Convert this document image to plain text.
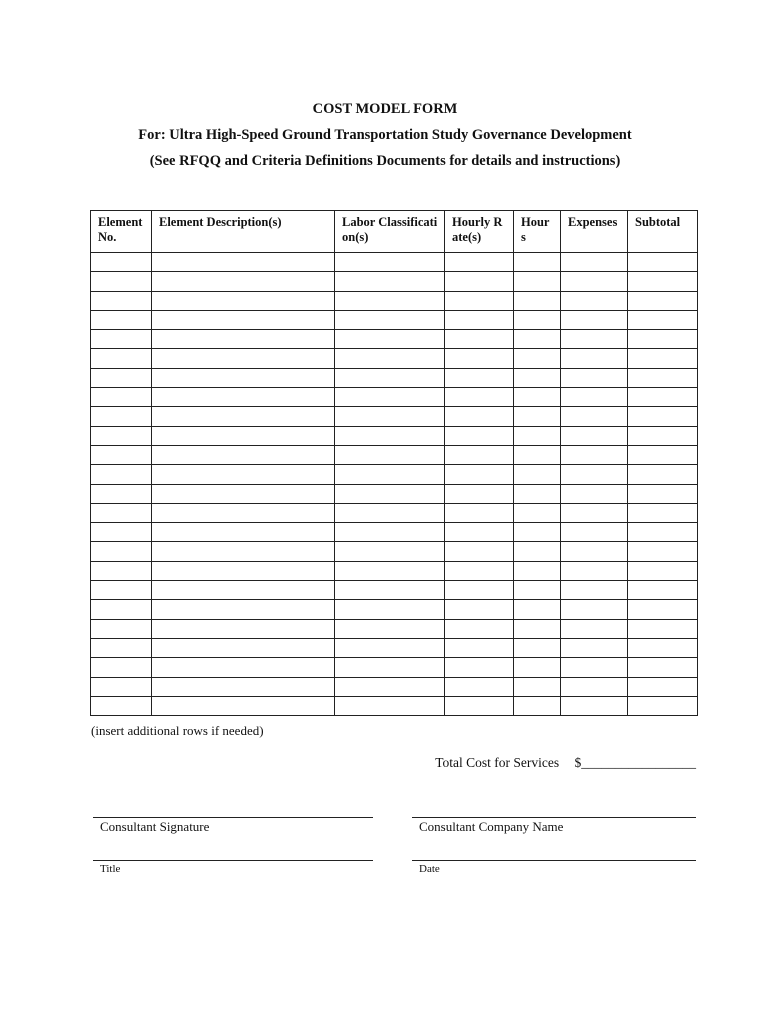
COST MODEL FORM
For: Ultra High-Speed Ground Transportation Study Governance Development
(See RFQQ and Criteria Definitions Documents for details and instructions)
Element No.	Element Description(s)	Labor Classification(s)	Hourly Rate(s)	Hours	Expenses	Subtotal

(insert additional rows if needed)
Total Cost for Services $_________________
Consultant Signature	Consultant Company Name
Title	Date
